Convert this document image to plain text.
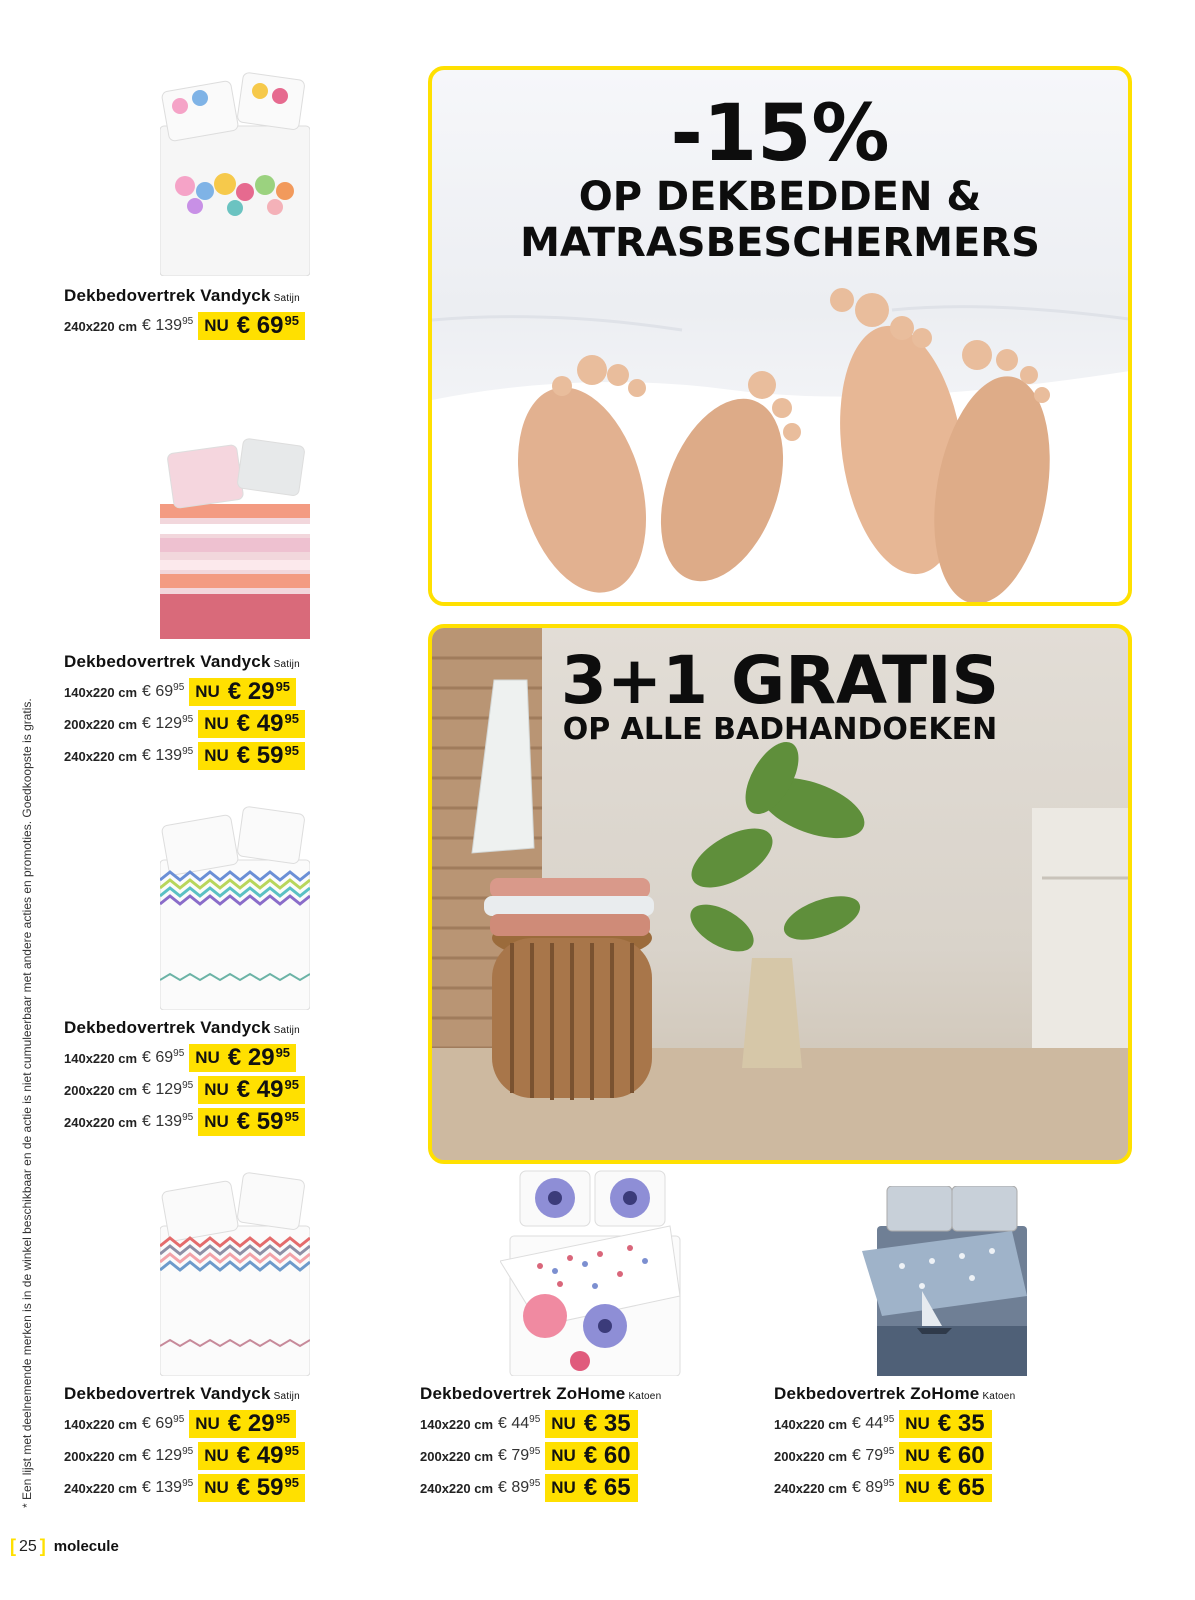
-15%
OP DEKBEDDEN &
MATRASBESCHERMERS
3+1 GRATIS
OP ALLE BADHANDOEKEN
Dekbedovertrek Vandyck Satijn
240x220 cm € $139^{95}$ NU € 69 95
Dekbedovertrek Vandyck Satijn
140x220 cm € $69^{95}$ NU € 29 95
200x220 cm € $129^{95}$ NU € 49 95
240x220 cm € $139^{95}$ NU € 59 95
Dekbedovertrek Vandyck Satijn
140x220 cm € $69^{95}$ NU € 29 95
200x220 cm € $129^{95}$ NU € 49 95
240x220 cm € $139^{95}$ NU € 59 95
Dekbedovertrek Vandyck Satijn
140x220 cm € $69^{95}$ NU € 29 95
200x220 cm € $129^{95}$ NU € 49 95
240x220 cm € $139^{95}$ NU € 59 95
Dekbedovertrek ZoHome Katoen
140x220 cm € $44^{95}$ NU € 35
200x220 cm € $79^{95}$ NU € 60
240x220 cm € $89^{95}$ NU € 65
Dekbedovertrek ZoHome Katoen
140x220 cm € $44^{95}$ NU € 35
200x220 cm € $79^{95}$ NU € 60
240x220 cm € $89^{95}$ NU € 65
* Een lijst met deelnemende merken is in de winkel beschikbaar en de actie is niet cumuleerbaar met andere acties en promoties. Goedkoopste is gratis.
[ 25 ] molecule
